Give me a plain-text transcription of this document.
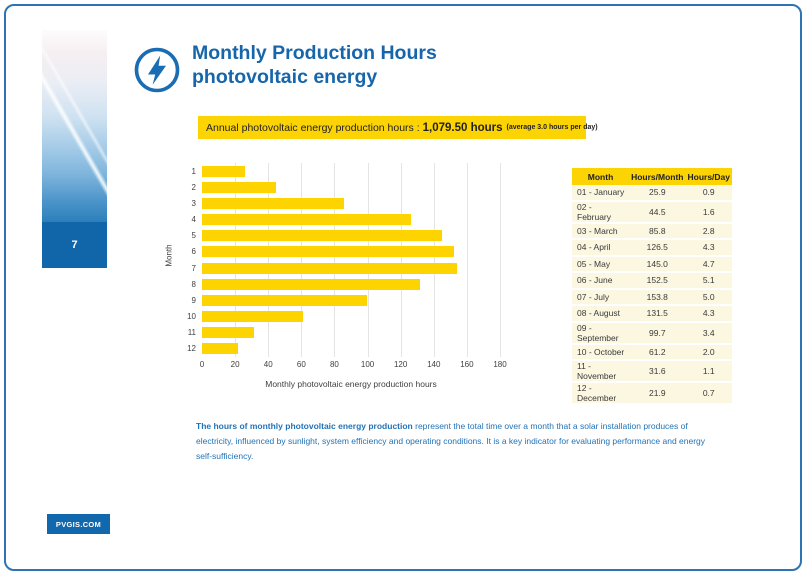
7
Monthly Production Hours
photovoltaic energy
Annual photovoltaic energy production hours : 1,079.50 hours (average 3.0 hours per day)
Month
1
2
3
4
5
6
7
8
9
10
11
12
0	20	40	60	80	100 120 140 160 180
Monthly photovoltaic energy production hours
Month	Hours/Month	Hours/Day
01 - January	25.9	0.9
02 - February	44.5	1.6
03 - March	85.8	2.8
04 - April	126.5	4.3
05 - May	145.0	4.7
06 - June	152.5	5.1
07 - July	153.8	5.0
08 - August	131.5	4.3
09 - September	99.7	3.4
10 - October	61.2	2.0
11 - November	31.6	1.1
12 - December	21.9	0.7
The hours of monthly photovoltaic energy production represent the total time over a month that a solar installation produces of electricity, influenced by sunlight, system efficiency and operating conditions. It is a key indicator for evaluating performance and energy self-sufficiency.
PVGIS.COM
